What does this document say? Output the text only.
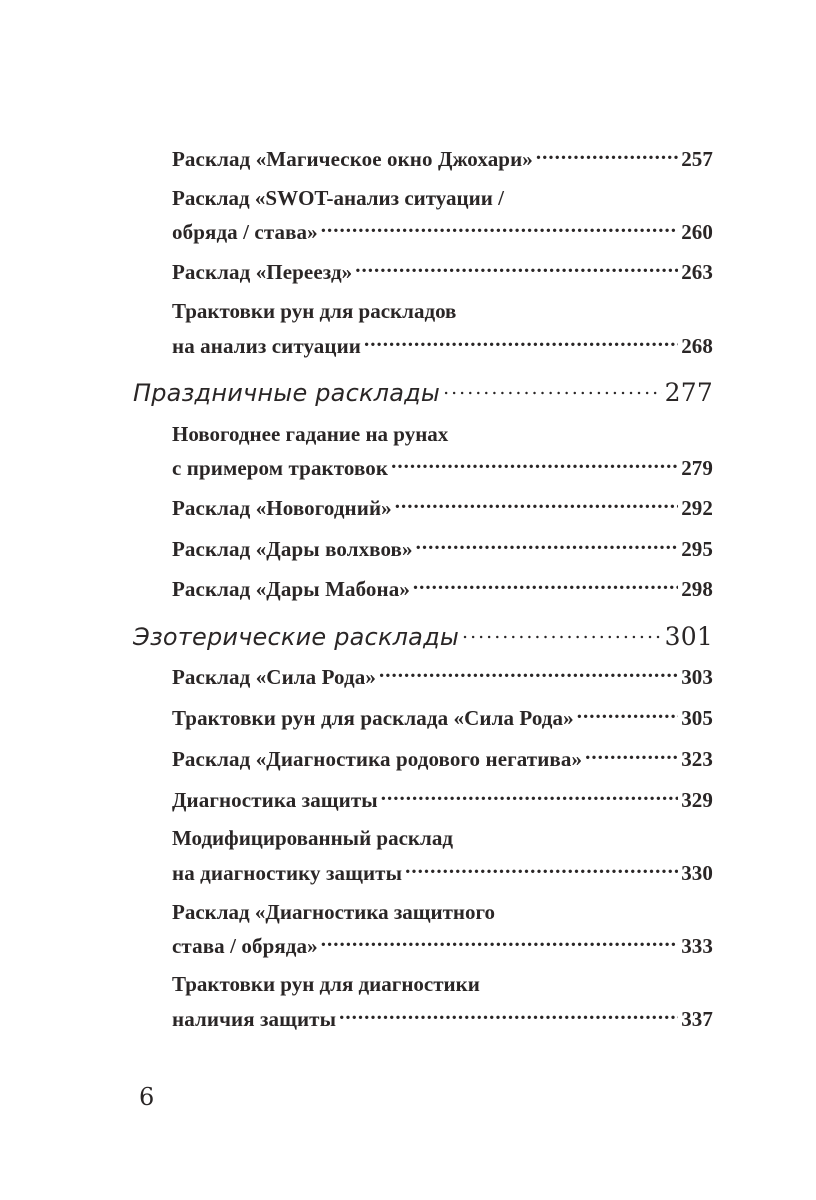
Расклад «Магическое окно Джохари» .....	257
Расклад «SWOT-анализ ситуации /
обряда / става» .....	260
Расклад «Переезд» .....	263
Трактовки рун для раскладов
на анализ ситуации .....	268
Праздничные расклады .....	277
Новогоднее гадание на рунах
с примером трактовок .....	279
Расклад «Новогодний» .....	292
Расклад «Дары волхвов» .....	295
Расклад «Дары Мабона» .....	298
Эзотерические расклады .....	301
Расклад «Сила Рода» .....	303
Трактовки рун для расклада «Сила Рода» .....	305
Расклад «Диагностика родового негатива» .....	323
Диагностика защиты .....	329
Модифицированный расклад
на диагностику защиты .....	330
Расклад «Диагностика защитного
става / обряда» .....	333
Трактовки рун для диагностики
наличия защиты .....	337
6
